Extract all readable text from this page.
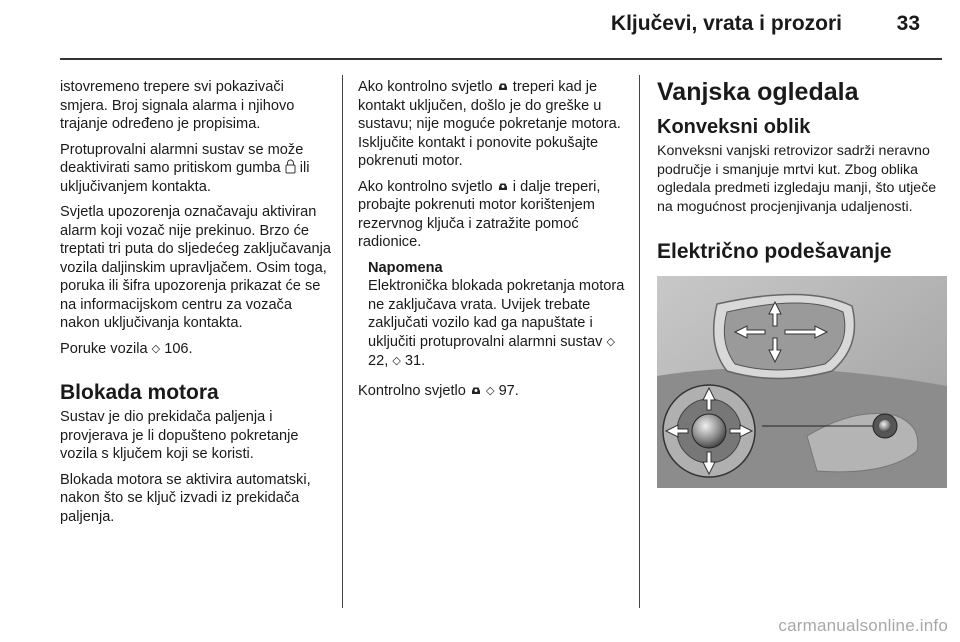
Ključevi, vrata i prozori	33

istovremeno trepere svi pokazivači smjera. Broj signala alarma i njihovo trajanje određeno je propisima.

Protuprovalni alarmni sustav se može deaktivirati samo pritiskom gumba ili uključivanjem kontakta.

Svjetla upozorenja označavaju aktiviran alarm koji vozač nije prekinuo. Brzo će treptati tri puta do sljedećeg zaključavanja vozila daljinskim upravljačem. Osim toga, poruka ili šifra upozorenja prikazat će se na informacijskom centru za vozača nakon uključivanja kontakta.

Poruke vozila ◇ 106.

Blokada motora

Sustav je dio prekidača paljenja i provjerava je li dopušteno pokretanje vozila s ključem koji se koristi.

Blokada motora se aktivira automatski, nakon što se ključ izvadi iz prekidača paljenja.

Ako kontrolno svjetlo treperi kad je kontakt uključen, došlo je do greške u sustavu; nije moguće pokretanje motora. Isključite kontakt i ponovite pokušajte pokrenuti motor.

Ako kontrolno svjetlo i dalje treperi, probajte pokrenuti motor korištenjem rezervnog ključa i zatražite pomoć radionice.

Napomena
Elektronička blokada pokretanja motora ne zaključava vrata. Uvijek trebate zaključati vozilo kad ga napuštate i uključiti protuprovalni alarmni sustav ◇ 22, ◇ 31.

Kontrolno svjetlo ◇ 97.

Vanjska ogledala
Konveksni oblik

Konveksni vanjski retrovizor sadrži neravno područje i smanjuje mrtvi kut. Zbog oblika ogledala predmeti izgledaju manji, što utječe na mogućnost procjenjivanja udaljenosti.

Električno podešavanje
carmanualsonline.info
